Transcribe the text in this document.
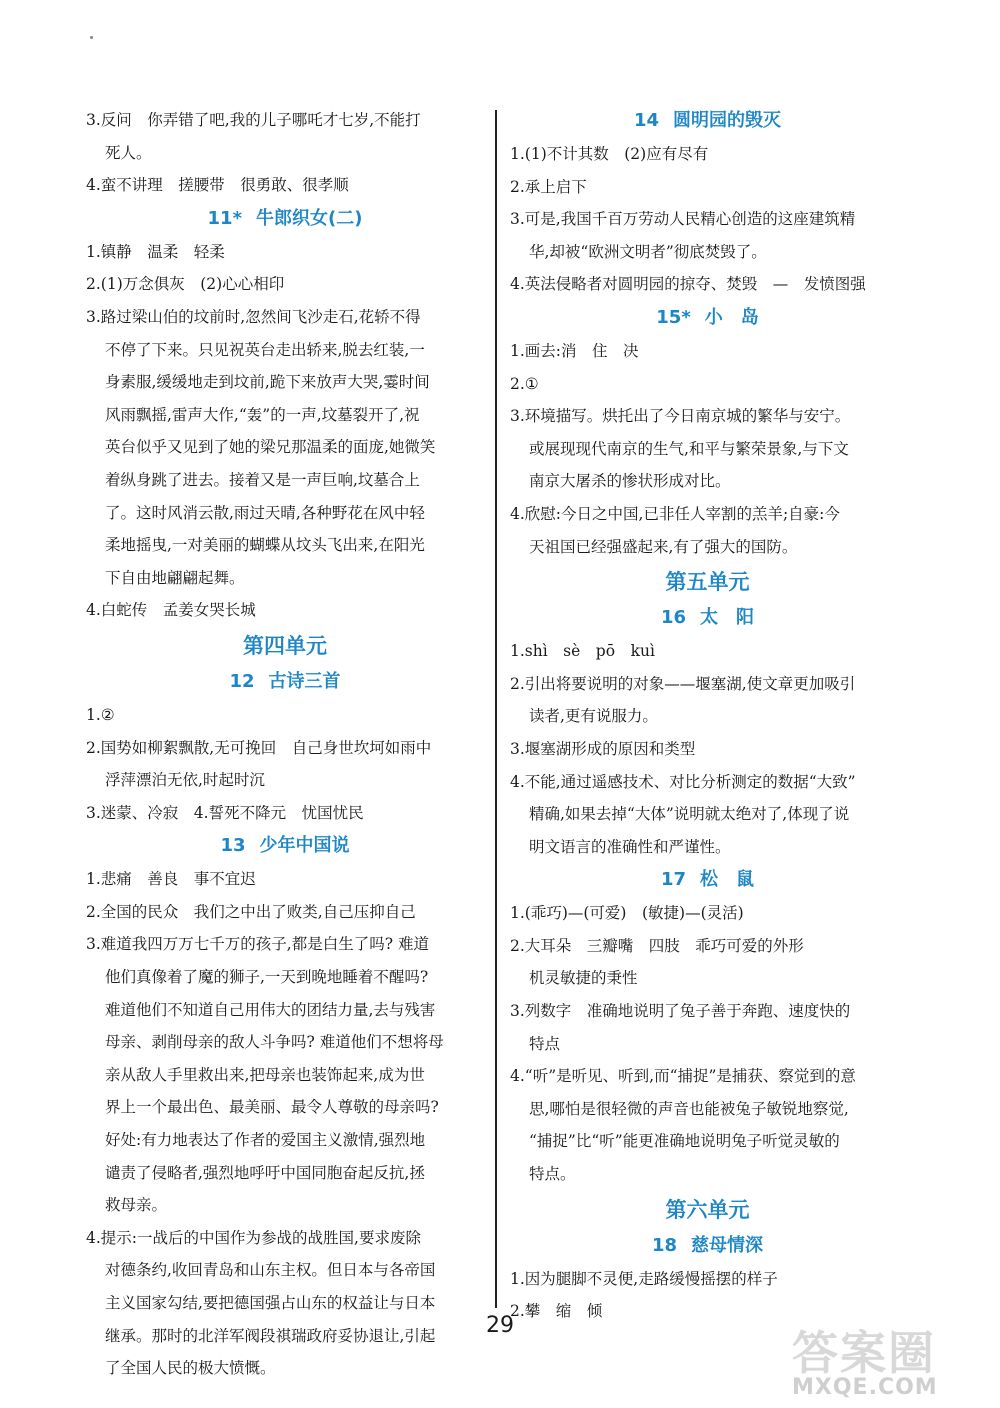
3.反问　你弄错了吧,我的儿子哪吒才七岁,不能打
死人。
4.蛮不讲理　搓腰带　很勇敢、很孝顺
11* 牛郎织女(二)
1.镇静　温柔　轻柔
2.(1)万念俱灰　(2)心心相印
3.路过梁山伯的坟前时,忽然间飞沙走石,花轿不得
不停了下来。只见祝英台走出轿来,脱去红装,一
身素服,缓缓地走到坟前,跪下来放声大哭,霎时间
风雨飘摇,雷声大作,“轰”的一声,坟墓裂开了,祝
英台似乎又见到了她的梁兄那温柔的面庞,她微笑
着纵身跳了进去。接着又是一声巨响,坟墓合上
了。这时风消云散,雨过天晴,各种野花在风中轻
柔地摇曳,一对美丽的蝴蝶从坟头飞出来,在阳光
下自由地翩翩起舞。
4.白蛇传　孟姜女哭长城
第四单元
12 古诗三首
1.②
2.国势如柳絮飘散,无可挽回　自己身世坎坷如雨中
浮萍漂泊无依,时起时沉
3.迷蒙、冷寂　4.誓死不降元　忧国忧民
13 少年中国说
1.悲痛　善良　事不宜迟
2.全国的民众　我们之中出了败类,自己压抑自己
3.难道我四万万七千万的孩子,都是白生了吗? 难道
他们真像着了魔的狮子,一天到晚地睡着不醒吗?
难道他们不知道自己用伟大的团结力量,去与残害
母亲、剥削母亲的敌人斗争吗? 难道他们不想将母
亲从敌人手里救出来,把母亲也装饰起来,成为世
界上一个最出色、最美丽、最令人尊敬的母亲吗?
好处:有力地表达了作者的爱国主义激情,强烈地
谴责了侵略者,强烈地呼吁中国同胞奋起反抗,拯
救母亲。
4.提示:一战后的中国作为参战的战胜国,要求废除
对德条约,收回青岛和山东主权。但日本与各帝国
主义国家勾结,要把德国强占山东的权益让与日本
继承。那时的北洋军阀段祺瑞政府妥协退让,引起
了全国人民的极大愤慨。
14 圆明园的毁灭
1.(1)不计其数　(2)应有尽有
2.承上启下
3.可是,我国千百万劳动人民精心创造的这座建筑精
华,却被“欧洲文明者”彻底焚毁了。
4.英法侵略者对圆明园的掠夺、焚毁　—　发愤图强
15* 小　岛
1.画去:消　住　决
2.①
3.环境描写。烘托出了今日南京城的繁华与安宁。
或展现现代南京的生气,和平与繁荣景象,与下文
南京大屠杀的惨状形成对比。
4.欣慰:今日之中国,已非任人宰割的羔羊;自豪:今
天祖国已经强盛起来,有了强大的国防。
第五单元
16 太　阳
1.shì　sè　pō　kuì
2.引出将要说明的对象——堰塞湖,使文章更加吸引
读者,更有说服力。
3.堰塞湖形成的原因和类型
4.不能,通过遥感技术、对比分析测定的数据“大致”
精确,如果去掉“大体”说明就太绝对了,体现了说
明文语言的准确性和严谨性。
17 松　鼠
1.(乖巧)—(可爱)　(敏捷)—(灵活)
2.大耳朵　三瓣嘴　四肢　乖巧可爱的外形
机灵敏捷的秉性
3.列数字　准确地说明了兔子善于奔跑、速度快的
特点
4.“听”是听见、听到,而“捕捉”是捕获、察觉到的意
思,哪怕是很轻微的声音也能被兔子敏锐地察觉,
“捕捉”比“听”能更准确地说明兔子听觉灵敏的
特点。
第六单元
18 慈母情深
1.因为腿脚不灵便,走路缓慢摇摆的样子
2.攀　缩　倾
29
答案圈
MXQE.COM
